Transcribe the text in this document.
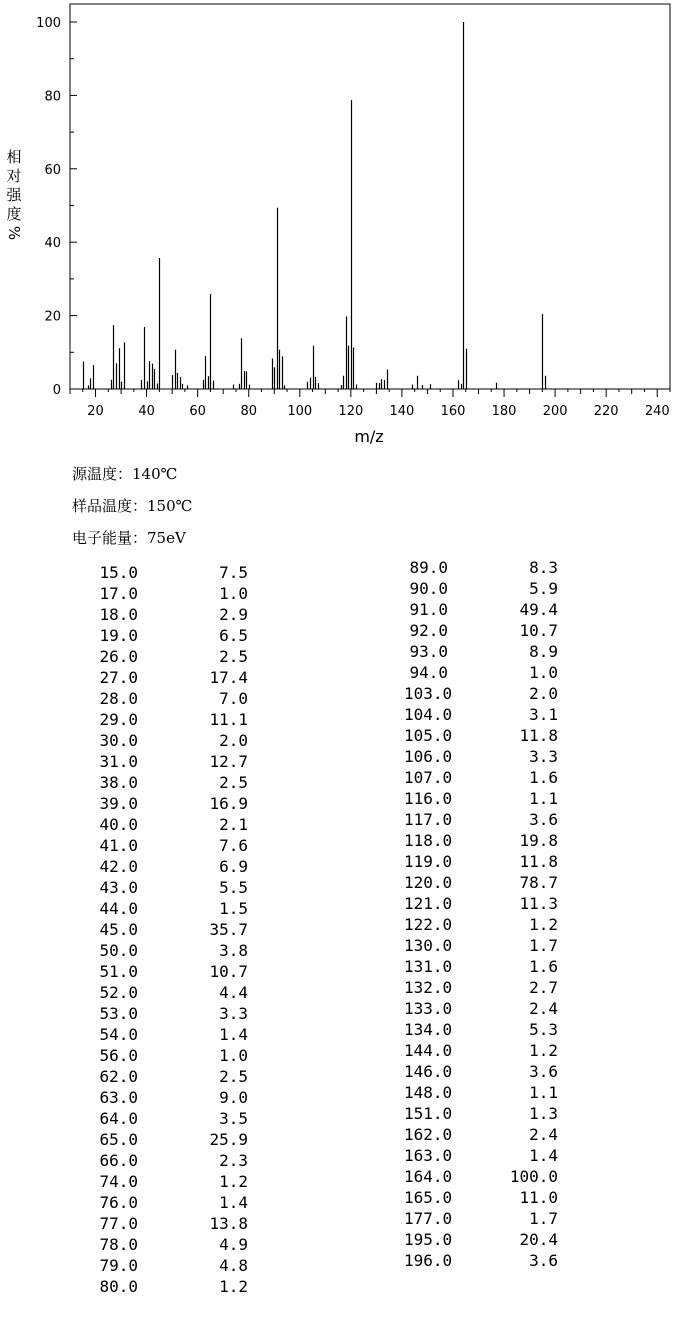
0
20
40
60
80
100
20	40	60	80 100 120 140 160 180 200 220 240
相
对
强
度
%
m/z
源温度：140℃
样品温度：150℃
电子能量：75eV
15.0	7.5
17.0	1.0
18.0	2.9
19.0	6.5
26.0	2.5
27.0	17.4
28.0	7.0
29.0	11.1
30.0	2.0
31.0	12.7
38.0	2.5
39.0	16.9
40.0	2.1
41.0	7.6
42.0	6.9
43.0	5.5
44.0	1.5
45.0	35.7
50.0	3.8
51.0	10.7
52.0	4.4
53.0	3.3
54.0	1.4
56.0	1.0
62.0	2.5
63.0	9.0
64.0	3.5
65.0	25.9
66.0	2.3
74.0	1.2
76.0	1.4
77.0	13.8
78.0	4.9
79.0	4.8
80.0	1.2
89.0	8.3
90.0	5.9
91.0	49.4
92.0	10.7
93.0	8.9
94.0	1.0
103.0	2.0
104.0	3.1
105.0	11.8
106.0	3.3
107.0	1.6
116.0	1.1
117.0	3.6
118.0	19.8
119.0	11.8
120.0	78.7
121.0	11.3
122.0	1.2
130.0	1.7
131.0	1.6
132.0	2.7
133.0	2.4
134.0	5.3
144.0	1.2
146.0	3.6
148.0	1.1
151.0	1.3
162.0	2.4
163.0	1.4
164.0	100.0
165.0	11.0
177.0	1.7
195.0	20.4
196.0	3.6
